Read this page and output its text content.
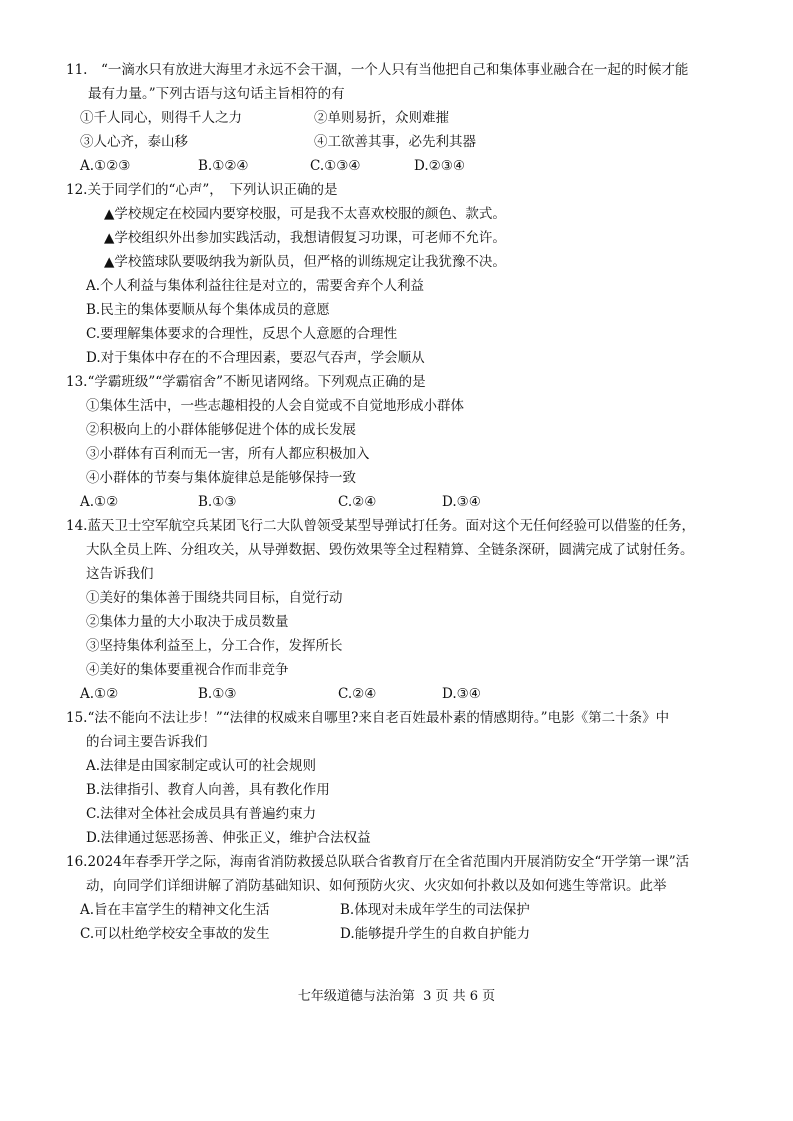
11.　“一滴水只有放进大海里才永远不会干涸，一个人只有当他把自己和集体事业融合在一起的时候才能
最有力量。”下列古语与这句话主旨相符的有
①千人同心，则得千人之力	②单则易折，众则难摧
③人心齐，泰山移	④工欲善其事，必先利其器
A.①②③	B.①②④	C.①③④	D.②③④
12.关于同学们的“心声”，　下列认识正确的是
▲学校规定在校园内要穿校服，可是我不太喜欢校服的颜色、款式。
▲学校组织外出参加实践活动，我想请假复习功课，可老师不允许。
▲学校篮球队要吸纳我为新队员，但严格的训练规定让我犹豫不决。
A.个人利益与集体利益往往是对立的，需要舍弃个人利益
B.民主的集体要顺从每个集体成员的意愿
C.要理解集体要求的合理性，反思个人意愿的合理性
D.对于集体中存在的不合理因素，要忍气吞声，学会顺从
13.“学霸班级”“学霸宿舍”不断见诸网络。下列观点正确的是
①集体生活中，一些志趣相投的人会自觉或不自觉地形成小群体
②积极向上的小群体能够促进个体的成长发展
③小群体有百利而无一害，所有人都应积极加入
④小群体的节奏与集体旋律总是能够保持一致
A.①②	B.①③	C.②④	D.③④
14.蓝天卫士空军航空兵某团飞行二大队曾领受某型导弹试打任务。面对这个无任何经验可以借鉴的任务，
大队全员上阵、分组攻关，从导弹数据、毁伤效果等全过程精算、全链条深研，圆满完成了试射任务。
这告诉我们
①美好的集体善于围绕共同目标，自觉行动
②集体力量的大小取决于成员数量
③坚持集体利益至上，分工合作，发挥所长
④美好的集体要重视合作而非竞争
A.①②	B.①③	C.②④	D.③④
15.“法不能向不法让步！”“法律的权威来自哪里?来自老百姓最朴素的情感期待。”电影《第二十条》中
的台词主要告诉我们
A.法律是由国家制定或认可的社会规则
B.法律指引、教育人向善，具有教化作用
C.法律对全体社会成员具有普遍约束力
D.法律通过惩恶扬善、伸张正义，维护合法权益
16.2024年春季开学之际，海南省消防救援总队联合省教育厅在全省范围内开展消防安全“开学第一课”活
动，向同学们详细讲解了消防基础知识、如何预防火灾、火灾如何扑救以及如何逃生等常识。此举
A.旨在丰富学生的精神文化生活	B.体现对未成年学生的司法保护
C.可以杜绝学校安全事故的发生	D.能够提升学生的自救自护能力
七年级道德与法治第  3 页 共 6 页
